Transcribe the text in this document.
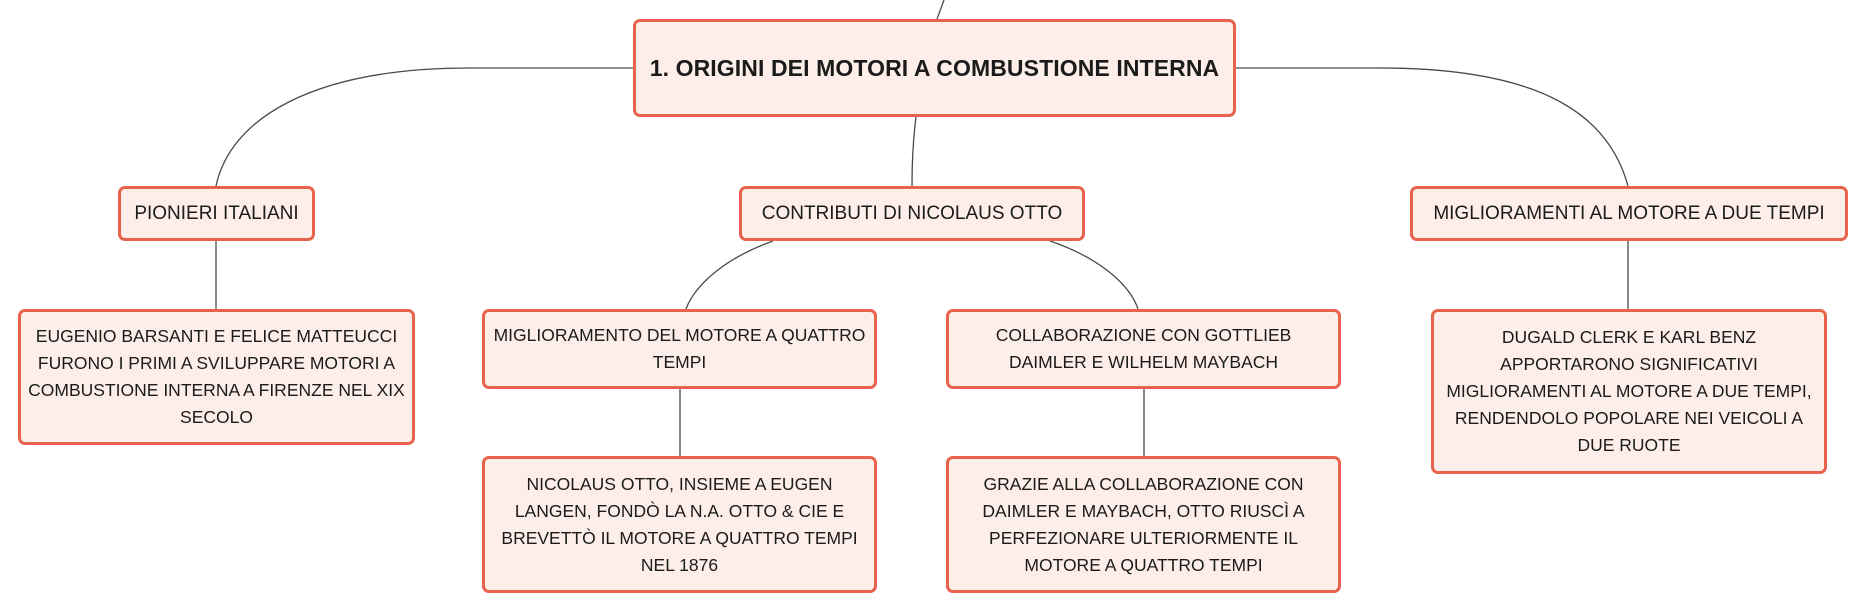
1. ORIGINI DEI MOTORI A COMBUSTIONE INTERNA
PIONIERI ITALIANI	CONTRIBUTI DI NICOLAUS OTTO	MIGLIORAMENTI AL MOTORE A DUE TEMPI
EUGENIO BARSANTI E FELICE MATTEUCCI FURONO I PRIMI A SVILUPPARE MOTORI A COMBUSTIONE INTERNA A FIRENZE NEL XIX SECOLO
MIGLIORAMENTO DEL MOTORE A QUATTRO TEMPI
COLLABORAZIONE CON GOTTLIEB DAIMLER E WILHELM MAYBACH
DUGALD CLERK E KARL BENZ APPORTARONO SIGNIFICATIVI MIGLIORAMENTI AL MOTORE A DUE TEMPI, RENDENDOLO POPOLARE NEI VEICOLI A DUE RUOTE
NICOLAUS OTTO, INSIEME A EUGEN LANGEN, FONDÒ LA N.A. OTTO & CIE E BREVETTÒ IL MOTORE A QUATTRO TEMPI NEL 1876
GRAZIE ALLA COLLABORAZIONE CON DAIMLER E MAYBACH, OTTO RIUSCÌ A PERFEZIONARE ULTERIORMENTE IL MOTORE A QUATTRO TEMPI
